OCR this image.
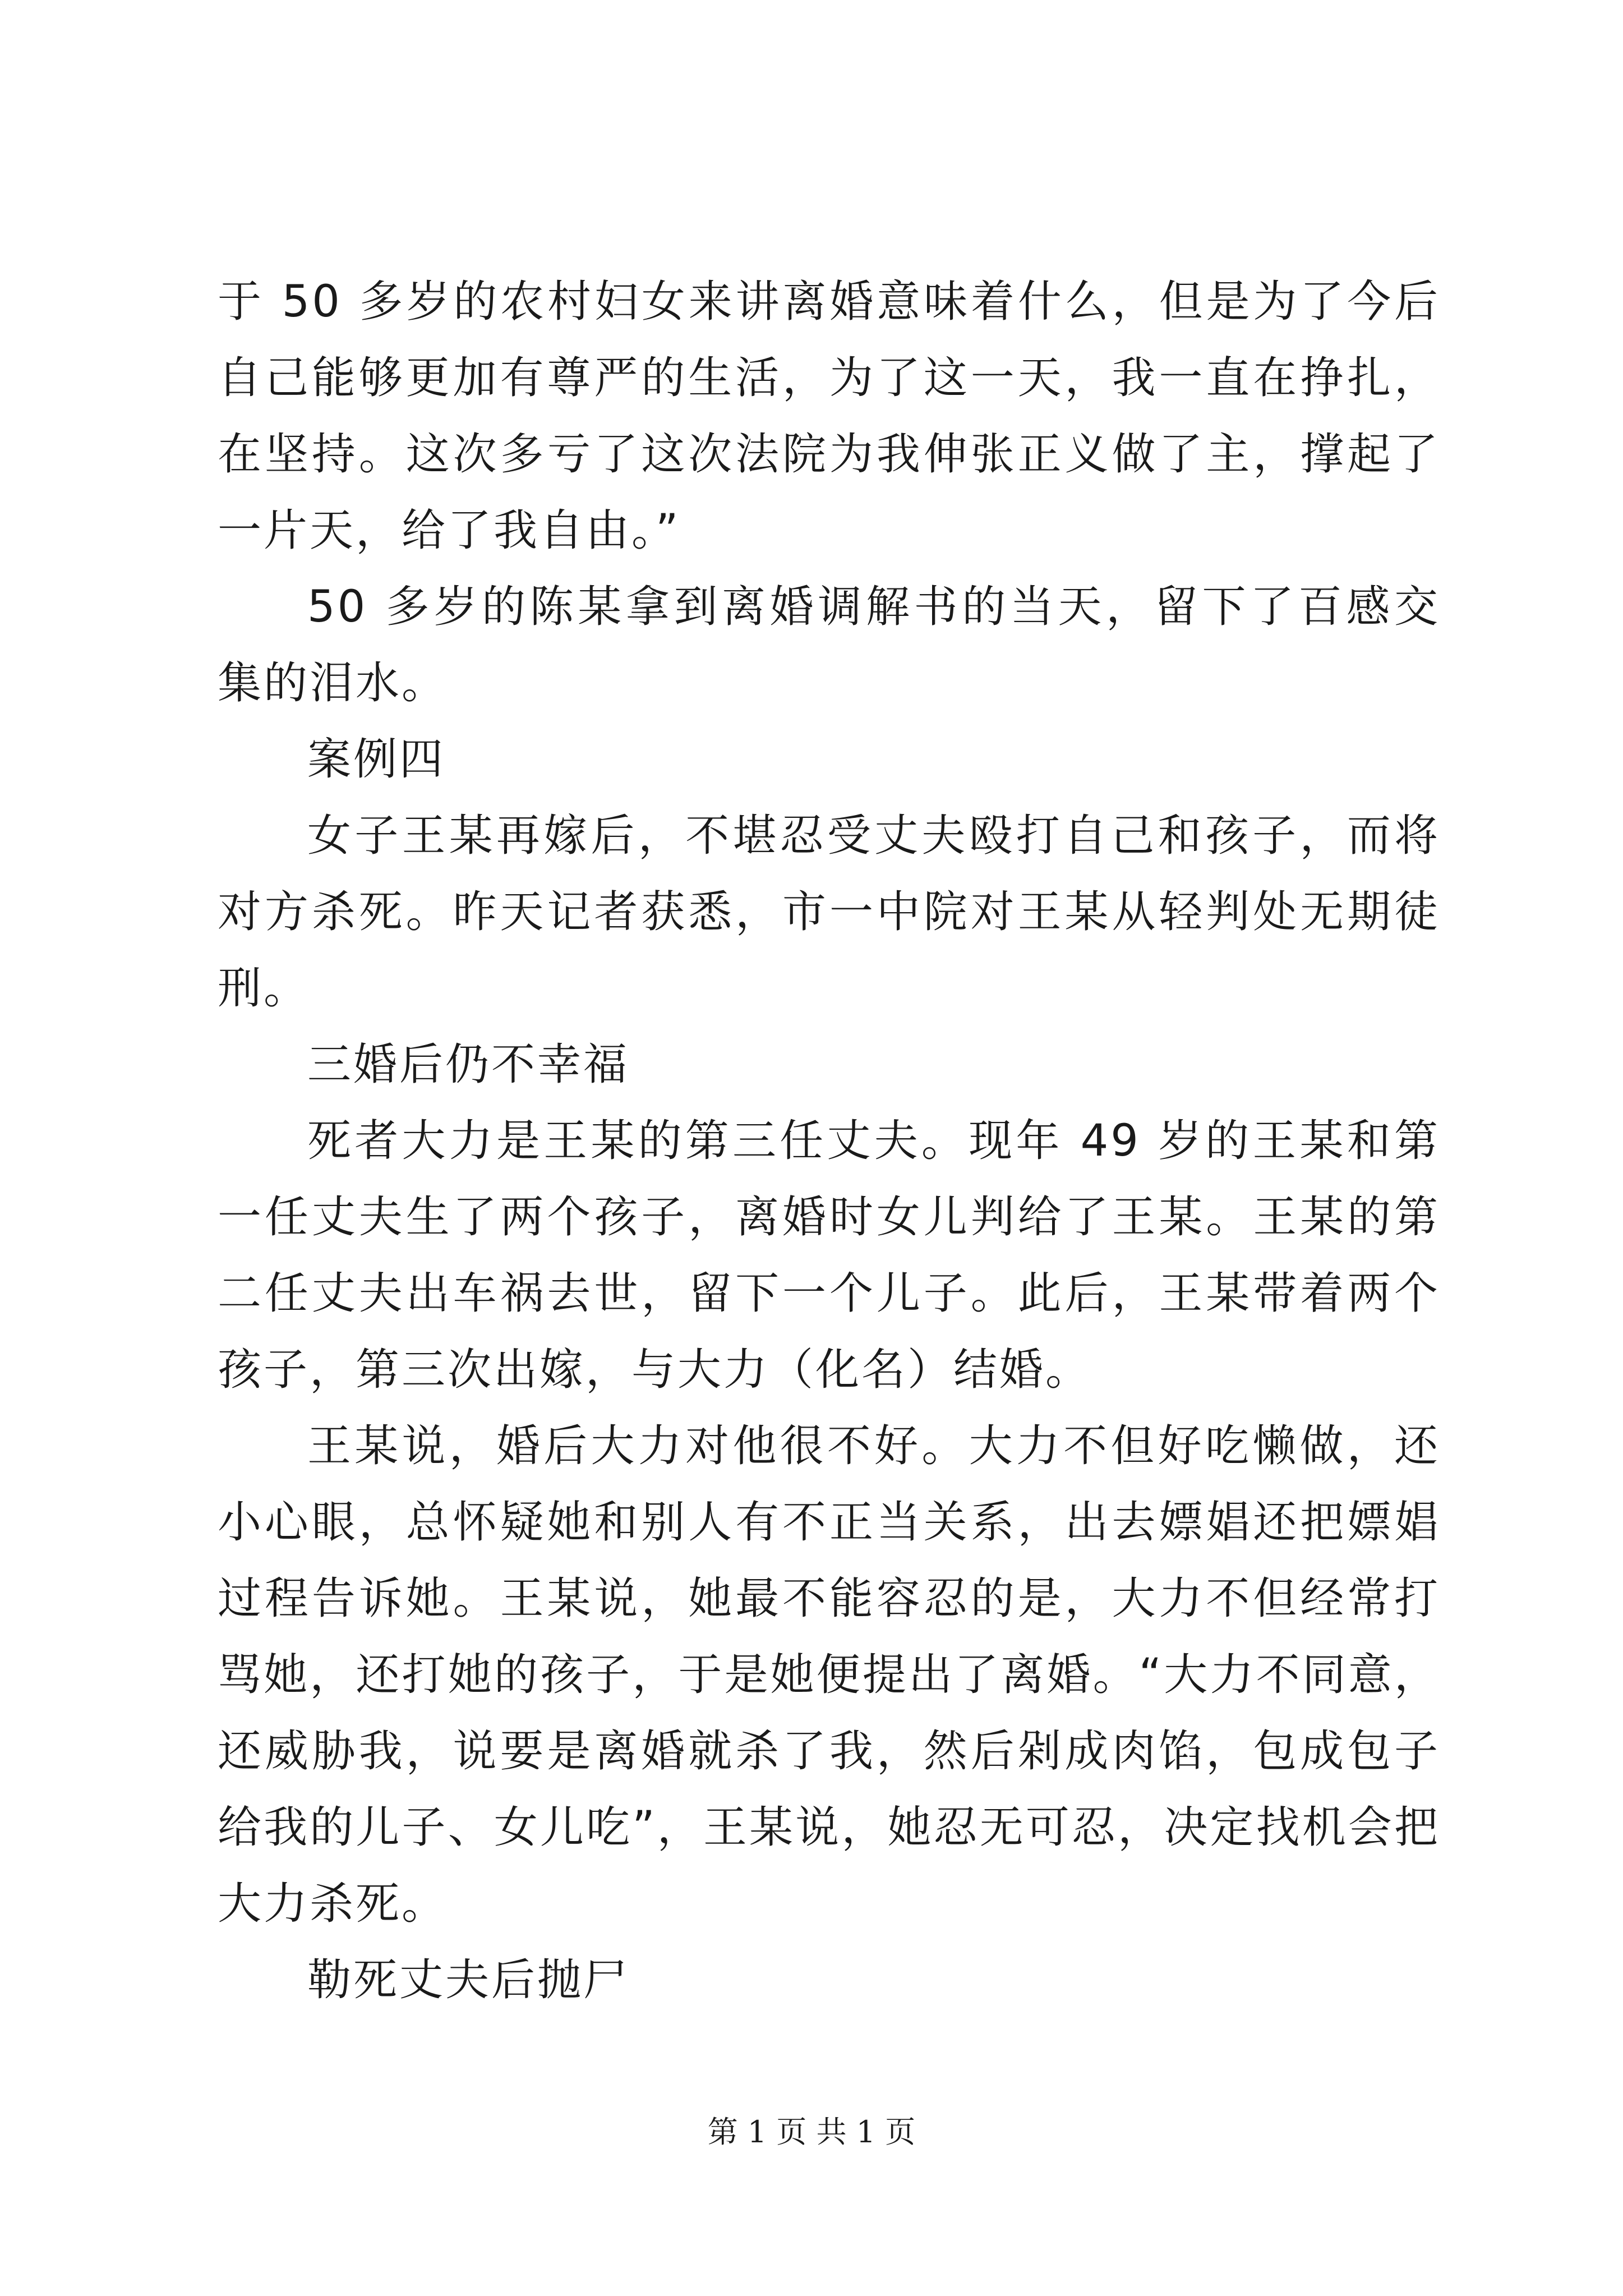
于 50 多岁的农村妇女来讲离婚意味着什么，但是为了今后自己能够更加有尊严的生活，为了这一天，我一直在挣扎，在坚持。这次多亏了这次法院为我伸张正义做了主，撑起了一片天，给了我自由。”

50 多岁的陈某拿到离婚调解书的当天，留下了百感交集的泪水。

案例四

女子王某再嫁后，不堪忍受丈夫殴打自己和孩子，而将对方杀死。昨天记者获悉，市一中院对王某从轻判处无期徒刑。

三婚后仍不幸福

死者大力是王某的第三任丈夫。现年 49 岁的王某和第一任丈夫生了两个孩子，离婚时女儿判给了王某。王某的第二任丈夫出车祸去世，留下一个儿子。此后，王某带着两个孩子，第三次出嫁，与大力（化名）结婚。

王某说，婚后大力对他很不好。大力不但好吃懒做，还小心眼，总怀疑她和别人有不正当关系，出去嫖娼还把嫖娼过程告诉她。王某说，她最不能容忍的是，大力不但经常打骂她，还打她的孩子，于是她便提出了离婚。“大力不同意，还威胁我，说要是离婚就杀了我，然后剁成肉馅，包成包子给我的儿子、女儿吃”，王某说，她忍无可忍，决定找机会把大力杀死。

勒死丈夫后抛尸

第 1 页 共 1 页
